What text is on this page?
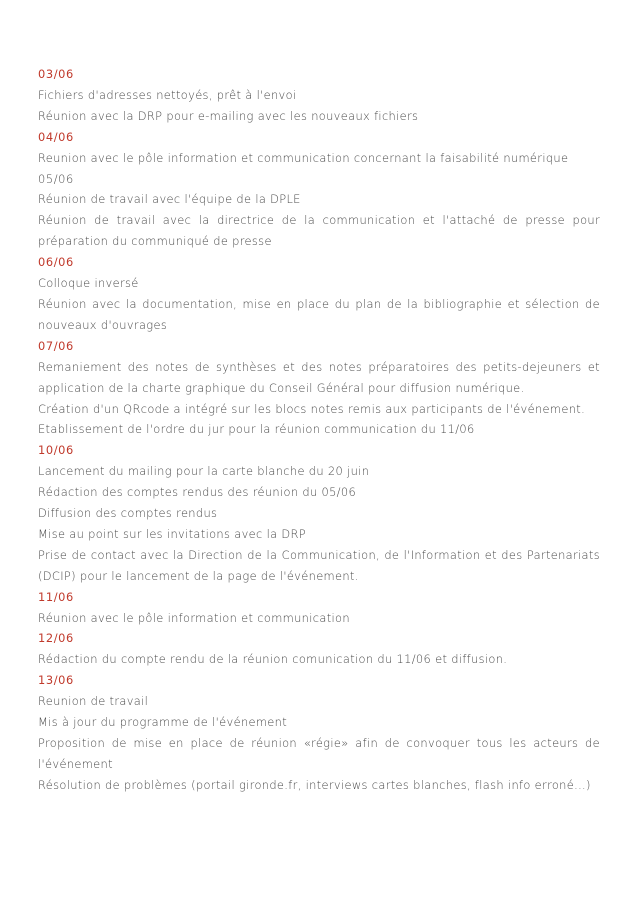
03/06

Fichiers d'adresses nettoyés, prêt à l'envoi

Réunion avec la DRP pour e-mailing avec les nouveaux fichiers

04/06

Reunion avec le pôle information et communication concernant la faisabilité numérique

05/06

Réunion de travail avec l'équipe de la DPLE

Réunion de travail avec la directrice de la communication et l'attaché de presse pour préparation du communiqué de presse

06/06

Colloque inversé

Réunion avec la documentation, mise en place du plan de la bibliographie et sélection de nouveaux d'ouvrages

07/06

Remaniement des notes de synthèses et des notes préparatoires des petits-dejeuners et application de la charte graphique du Conseil Général pour diffusion numérique.

Création d'un QRcode a intégré sur les blocs notes remis aux participants de l'événement.

Etablissement de l'ordre du jur pour la réunion communication du 11/06

10/06

Lancement du mailing pour la carte blanche du 20 juin

Rédaction des comptes rendus des réunion du 05/06

Diffusion des comptes rendus

Mise au point sur les invitations avec la DRP

Prise de contact avec la Direction de la Communication, de l'Information et des Partenariats (DCIP) pour le lancement de la page de l'événement.

11/06

Réunion avec le pôle information et communication

12/06

Rédaction du compte rendu de la réunion comunication du 11/06 et diffusion.

13/06

Reunion de travail

Mis à jour du programme de l'événement

Proposition de mise en place de réunion «régie» afin de convoquer tous les acteurs de l'événement

Résolution de problèmes (portail gironde.fr, interviews cartes blanches, flash info erroné...)
